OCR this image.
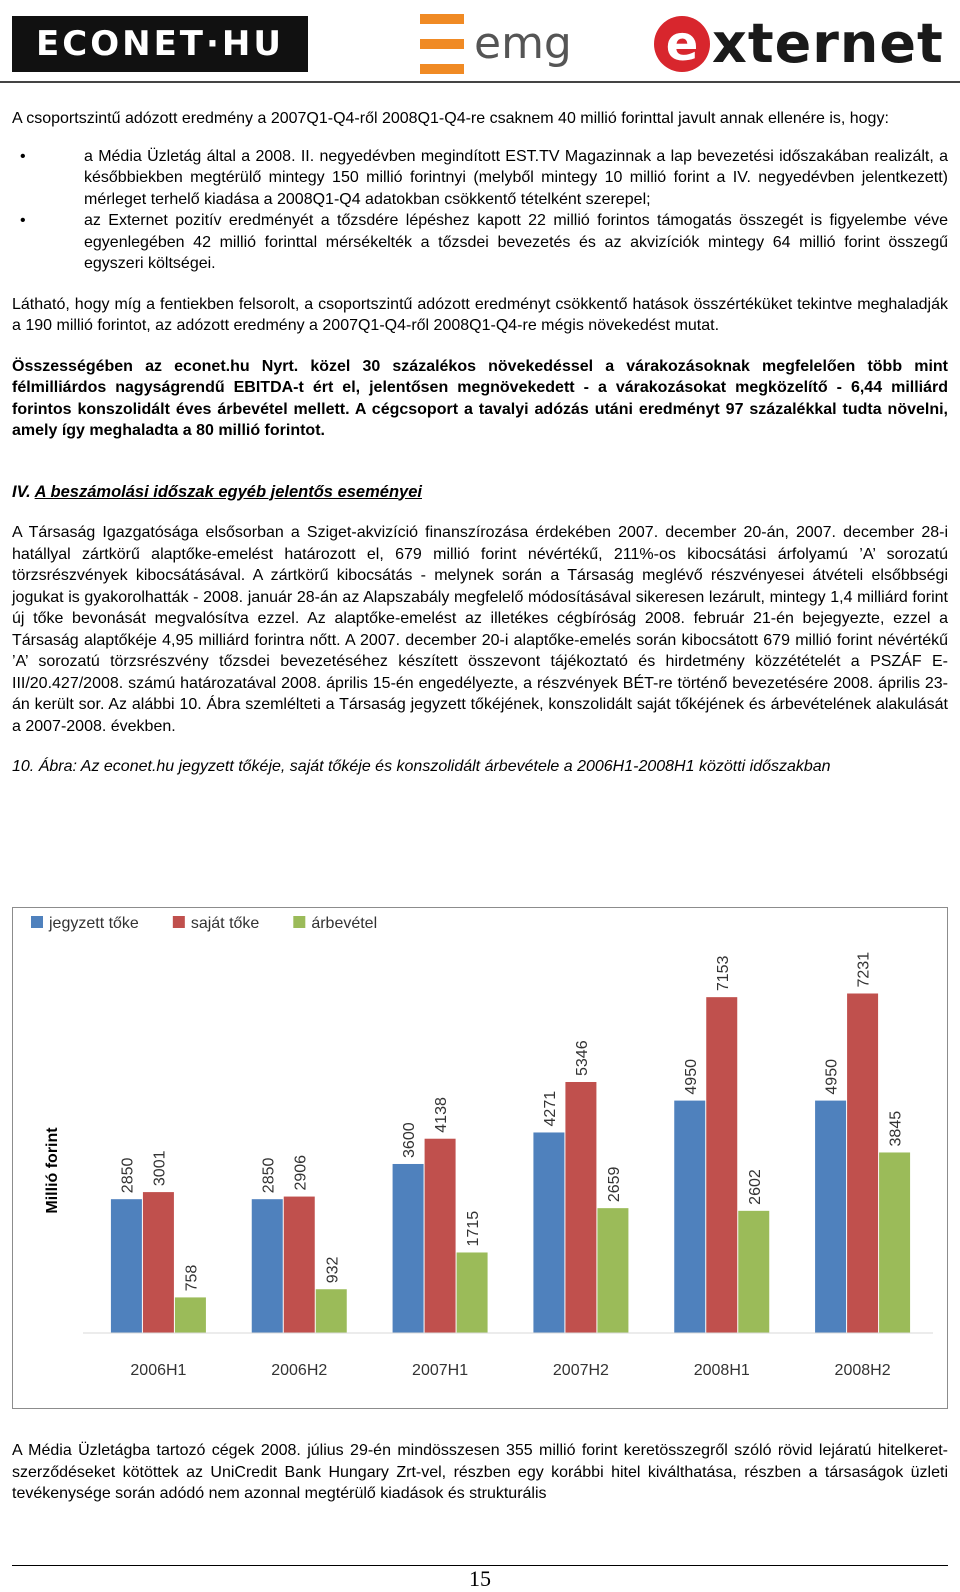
ECONET·HU	emg e xternet

A csoportszintű adózott eredmény a 2007Q1-Q4-ről 2008Q1-Q4-re csaknem 40 millió forinttal javult annak ellenére is, hogy:

• a Média Üzletág által a 2008. II. negyedévben megindított EST.TV Magazinnak a lap bevezetési időszakában realizált, a későbbiekben megtérülő mintegy 150 millió forintnyi (melyből mintegy 10 millió forint a IV. negyedévben jelentkezett) mérleget terhelő kiadása a 2008Q1-Q4 adatokban csökkentő tételként szerepel;
• az Externet pozitív eredményét a tőzsdére lépéshez kapott 22 millió forintos támogatás összegét is figyelembe véve egyenlegében 42 millió forinttal mérsékelték a tőzsdei bevezetés és az akvizíciók mintegy 64 millió forint összegű egyszeri költségei.

Látható, hogy míg a fentiekben felsorolt, a csoportszintű adózott eredményt csökkentő hatások összértéküket tekintve meghaladják a 190 millió forintot, az adózott eredmény a 2007Q1-Q4-ről 2008Q1-Q4-re mégis növekedést mutat.

Összességében az econet.hu Nyrt. közel 30 százalékos növekedéssel a várakozásoknak megfelelően több mint félmilliárdos nagyságrendű EBITDA-t ért el, jelentősen megnövekedett - a várakozásokat megközelítő - 6,44 milliárd forintos konszolidált éves árbevétel mellett. A cégcsoport a tavalyi adózás utáni eredményt 97 százalékkal tudta növelni, amely így meghaladta a 80 millió forintot.

IV. A beszámolási időszak egyéb jelentős eseményei

A Társaság Igazgatósága elsősorban a Sziget-akvizíció finanszírozása érdekében 2007. december 20-án, 2007. december 28-i hatállyal zártkörű alaptőke-emelést határozott el, 679 millió forint névértékű, 211%-os kibocsátási árfolyamú ’A’ sorozatú törzsrészvények kibocsátásával. A zártkörű kibocsátás - melynek során a Társaság meglévő részvényesei átvételi elsőbbségi jogukat is gyakorolhatták - 2008. január 28-án az Alapszabály megfelelő módosításával sikeresen lezárult, mintegy 1,4 milliárd forint új tőke bevonását megvalósítva ezzel. Az alaptőke-emelést az illetékes cégbíróság 2008. február 21-én bejegyezte, ezzel a Társaság alaptőkéje 4,95 milliárd forintra nőtt. A 2007. december 20-i alaptőke-emelés során kibocsátott 679 millió forint névértékű ’A’ sorozatú törzsrészvény tőzsdei bevezetéséhez készített összevont tájékoztató és hirdetmény közzétételét a PSZÁF E-III/20.427/2008. számú határozatával 2008. április 15-én engedélyezte, a részvények BÉT-re történő bevezetésére 2008. április 23-án került sor. Az alábbi 10. Ábra szemlélteti a Társaság jegyzett tőkéjének, konszolidált saját tőkéjének és árbevételének alakulását a 2007-2008. években.

10. Ábra: Az econet.hu jegyzett tőkéje, saját tőkéje és konszolidált árbevétele a 2006H1-2008H1 közötti időszakban

Millió forint
jegyzett tőke	saját tőke	árbevétel
2850 3001
758
2006H1
2850 2906
932
2006H2
3600
4138
1715
2007H1
4271
5346
2659
2007H2
4950
7153
2602
2008H1
4950
7231
3845
2008H2

A Média Üzletágba tartozó cégek 2008. július 29-én mindösszesen 355 millió forint keretösszegről szóló rövid lejáratú hitelkeret-szerződéseket kötöttek az UniCredit Bank Hungary Zrt-vel, részben egy korábbi hitel kiválthatása, részben a társaságok üzleti tevékenysége során adódó nem azonnal megtérülő kiadások és strukturális

15
